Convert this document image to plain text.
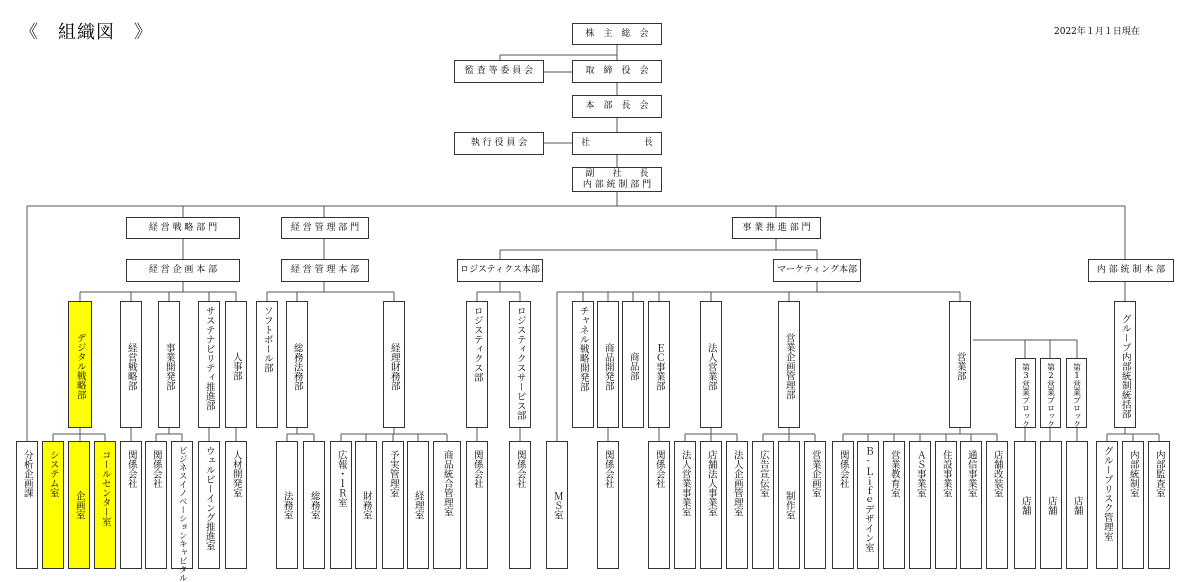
《　組織図　》	2022年１月１日現在
株　主　総　会
監 査 等 委 員 会	取　締　役　会
本　部　長　会
執 行 役 員 会	社	長
副　　社　　長
内 部 統 制 部 門
経 営 戦 略 部 門	経 営 管 理 部 門	事 業 推 進 部 門
経 営 企 画 本 部	経 営 管 理 本 部	ロジスティクス本部	マーケティング本部	内 部 統 制 本 部
デジタル戦略部	経営戦略部	事業開発部	サステナビリティ推進部 人事部 ソフトボール部 総務法務部	経理財務部	ロジスティクス部	ロジスティクスサービス部	チャネル戦略開発部 商品開発部 商品部 ＥＣ事業部	法人営業部	営業企画管理部	営業部	グループ内部統制統括部
第3営業ブロック 第2営業ブロック 第1営業ブロック
分析企画課 システム室
企画室 コールセンター室 関係会社 関係会社 ビジネスイノベーションキャピタル ウェルビーイング推進室 人材開発室
法務室 総務室 広報・ＩＲ室 財務室
予実管理室
経理室 商品統合管理室 関係会社	関係会社
ＭＳ室
関係会社	関係会社 法人営業事業室 店舗法人事業室 法人企画管理室 広告宣伝室
制作室
営業企画室 関係会社 Ｂ-Ｌｉｆｅデザイン室 営業教育室 ＡＳ事業室 住設事業室 通信事業室 店舗改装室
店舗 店舗 店舗 グループリスク管理室 内部統制室 内部監査室
